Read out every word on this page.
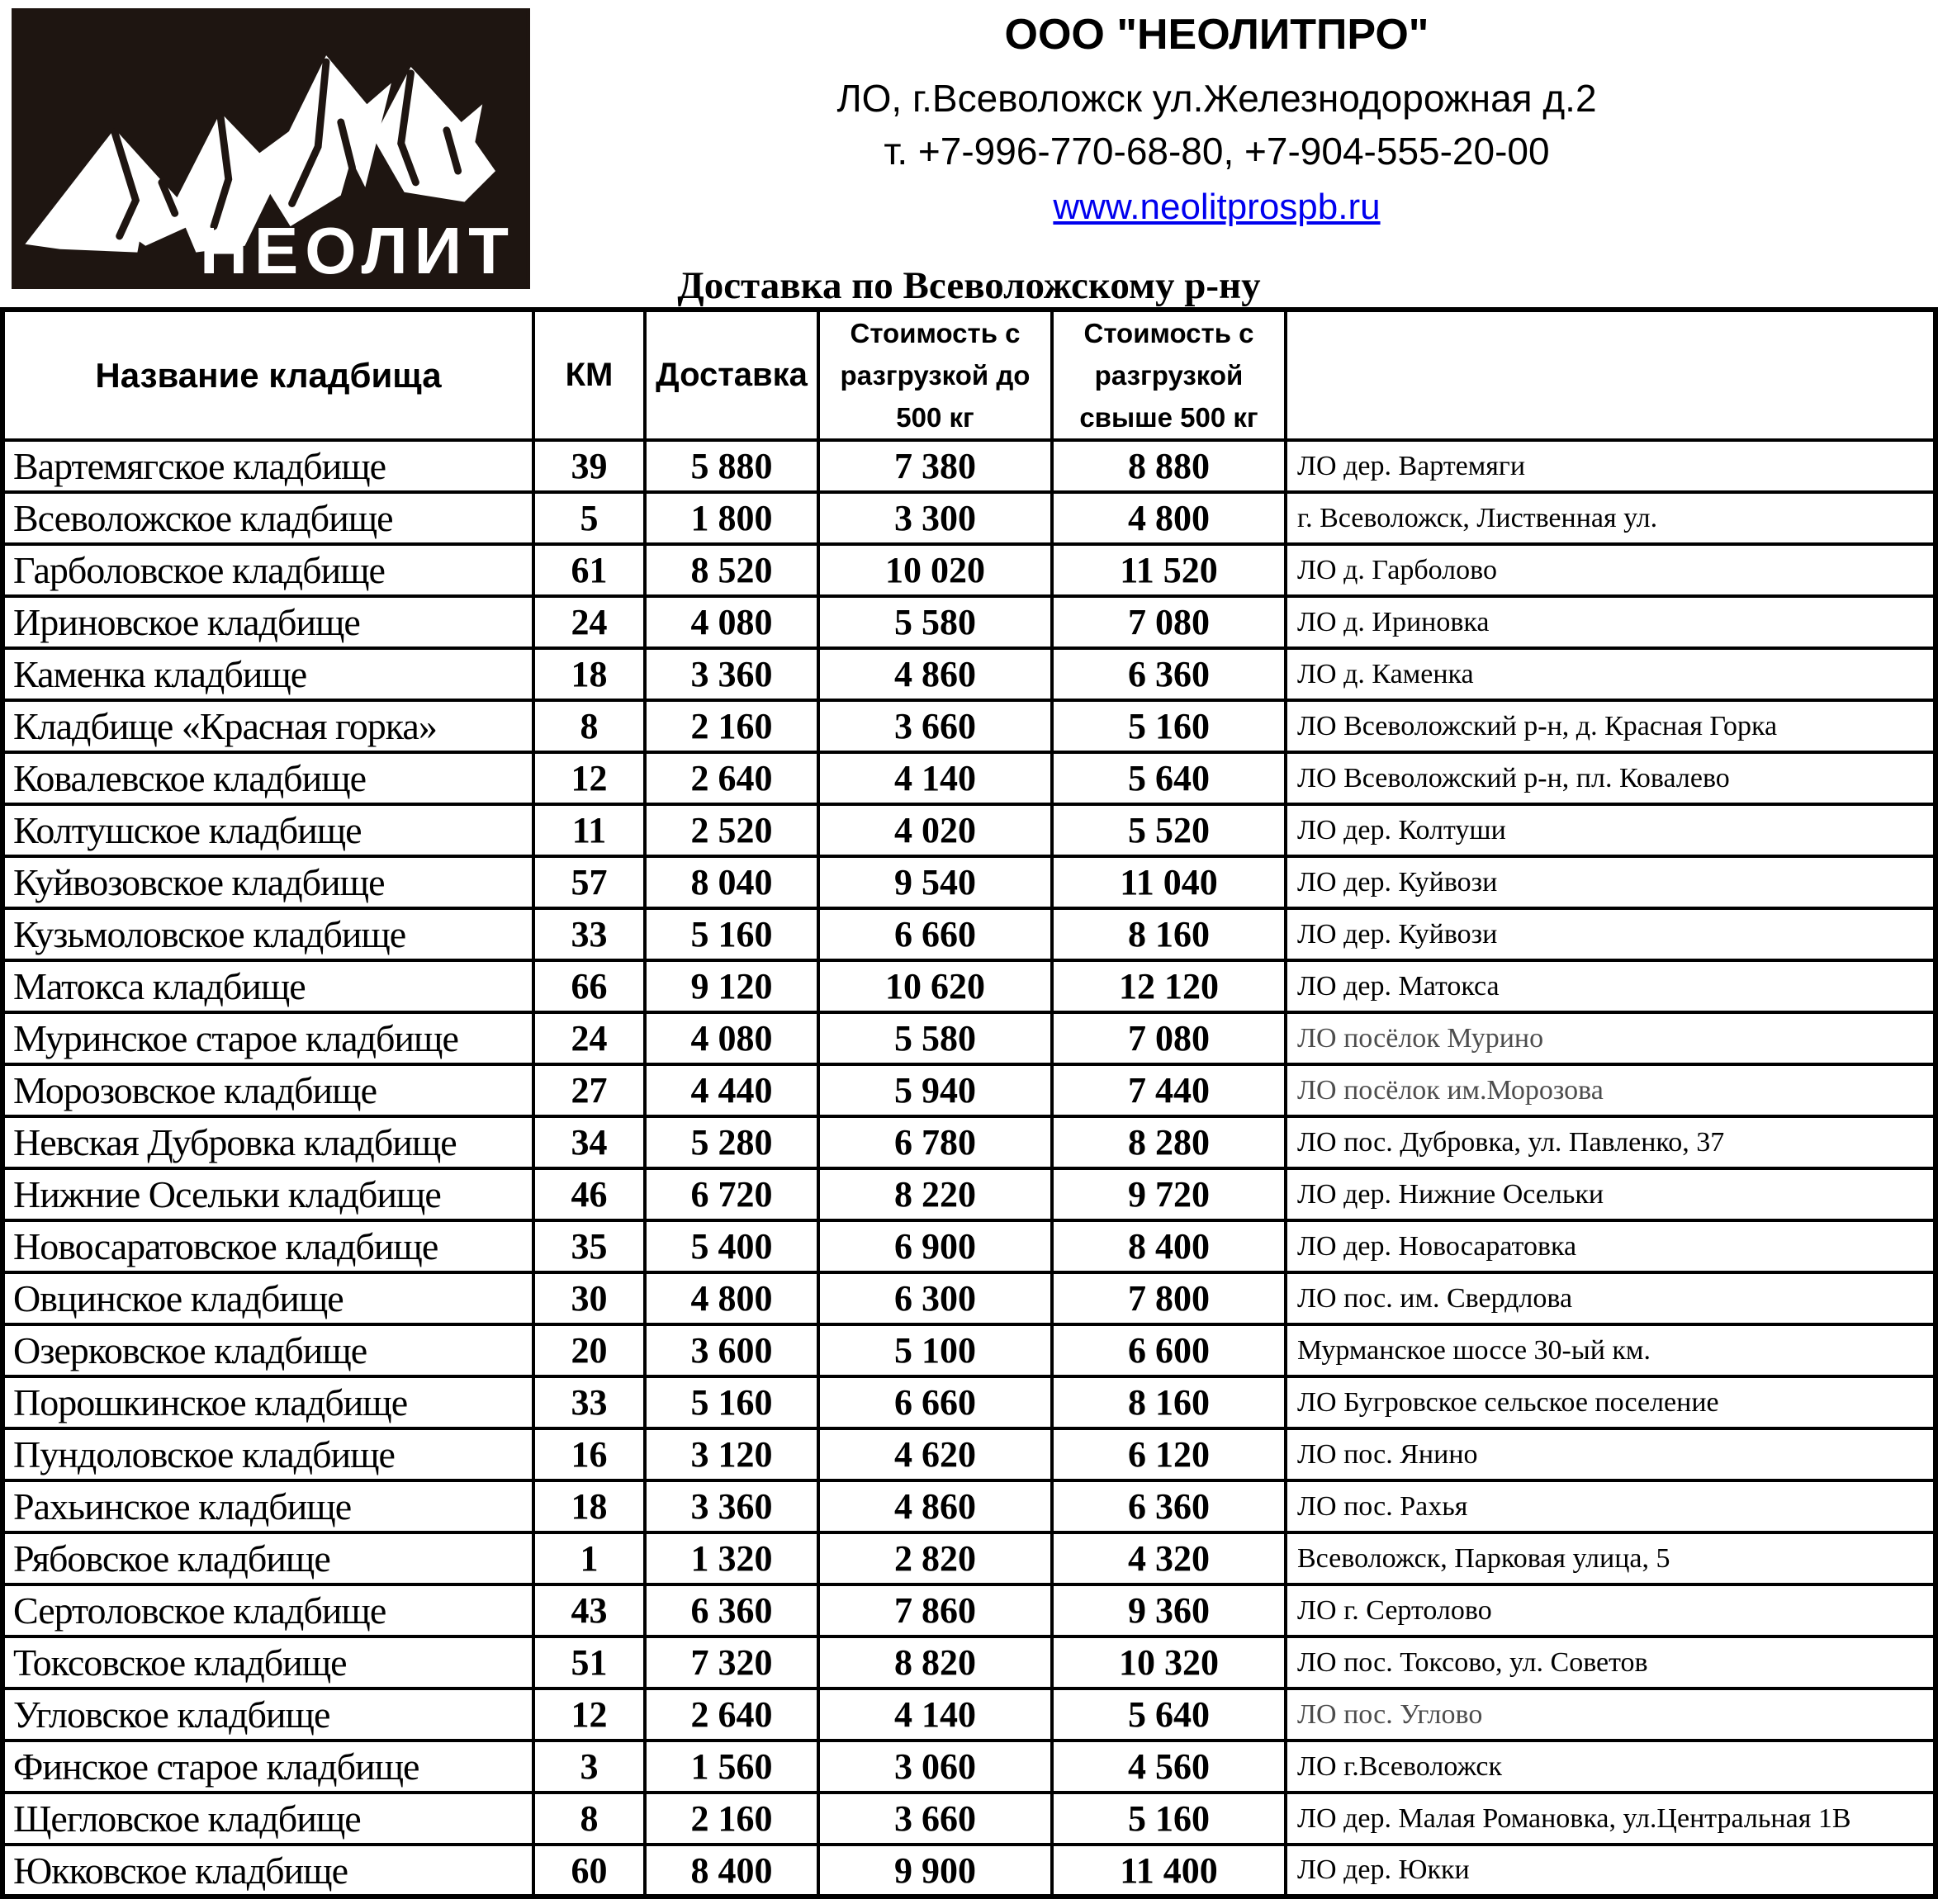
НЕОЛИТ
ООО "НЕОЛИТПРО"
ЛО, г.Всеволожск ул.Железнодорожная д.2
т. +7-996-770-68-80, +7-904-555-20-00
www.neolitprospb.ru
Доставка по Всеволожскому р-ну
Название кладбища	КМ	Доставка	Стоимость с разгрузкой до 500 кг	Стоимость с разгрузкой свыше 500 кг	
Вартемягское кладбище	39	5 880	7 380	8 880	ЛО дер. Вартемяги
Всеволожское кладбище	5	1 800	3 300	4 800	г. Всеволожск, Лиственная ул.
Гарболовское кладбище	61	8 520	10 020	11 520	ЛО д. Гарболово
Ириновское кладбище	24	4 080	5 580	7 080	ЛО д. Ириновка
Каменка кладбище	18	3 360	4 860	6 360	ЛО д. Каменка
Кладбище «Красная горка»	8	2 160	3 660	5 160	ЛО Всеволожский р-н, д. Красная Горка
Ковалевское кладбище	12	2 640	4 140	5 640	ЛО Всеволожский р-н, пл. Ковалево
Колтушское кладбище	11	2 520	4 020	5 520	ЛО дер. Колтуши
Куйвозовское кладбище	57	8 040	9 540	11 040	ЛО дер. Куйвози
Кузьмоловское кладбище	33	5 160	6 660	8 160	ЛО дер. Куйвози
Матокса кладбище	66	9 120	10 620	12 120	ЛО дер. Матокса
Муринское старое кладбище	24	4 080	5 580	7 080	ЛО посёлок Мурино
Морозовское кладбище	27	4 440	5 940	7 440	ЛО посёлок им.Морозова
Невская Дубровка кладбище	34	5 280	6 780	8 280	ЛО пос. Дубровка, ул. Павленко, 37
Нижние Осельки кладбище	46	6 720	8 220	9 720	ЛО дер. Нижние Осельки
Новосаратовское кладбище	35	5 400	6 900	8 400	ЛО дер. Новосаратовка
Овцинское кладбище	30	4 800	6 300	7 800	ЛО пос. им. Свердлова
Озерковское кладбище	20	3 600	5 100	6 600	Мурманское шоссе 30-ый км.
Порошкинское кладбище	33	5 160	6 660	8 160	ЛО Бугровское сельское поселение
Пундоловское кладбище	16	3 120	4 620	6 120	ЛО пос. Янино
Рахьинское кладбище	18	3 360	4 860	6 360	ЛО пос. Рахья
Рябовское кладбище	1	1 320	2 820	4 320	Всеволожск, Парковая улица, 5
Сертоловское кладбище	43	6 360	7 860	9 360	ЛО г. Сертолово
Токсовское кладбище	51	7 320	8 820	10 320	ЛО пос. Токсово, ул. Советов
Угловское кладбище	12	2 640	4 140	5 640	ЛО пос. Углово
Финское старое кладбище	3	1 560	3 060	4 560	ЛО г.Всеволожск
Щегловское кладбище	8	2 160	3 660	5 160	ЛО дер. Малая Романовка, ул.Центральная 1В
Юкковское кладбище	60	8 400	9 900	11 400	ЛО дер. Юкки
